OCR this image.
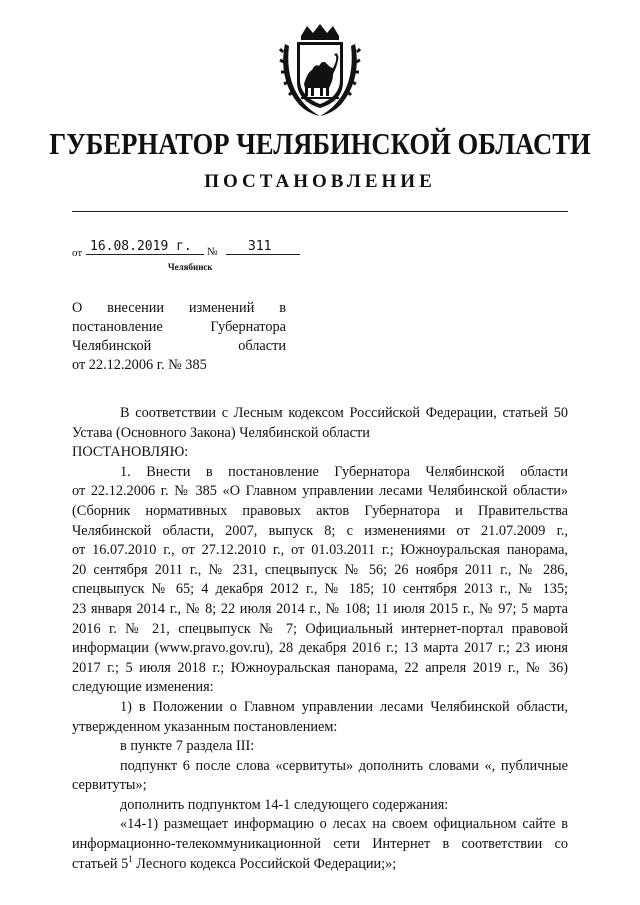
ГУБЕРНАТОР ЧЕЛЯБИНСКОЙ ОБЛАСТИ
ПОСТАНОВЛЕНИЕ
от 16.08.2019 г.	№	311
Челябинск
О внесении изменений в
постановление	Губернатора
Челябинской	области
от 22.12.2006 г. № 385

В соответствии с Лесным кодексом Российской Федерации, статьей 50

Устава (Основного Закона) Челябинской области

ПОСТАНОВЛЯЮ:

1. Внести в постановление Губернатора Челябинской области

от 22.12.2006 г. № 385 «О Главном управлении лесами Челябинской области»

(Сборник нормативных правовых актов Губернатора и Правительства

Челябинской области, 2007, выпуск 8; с изменениями от 21.07.2009 г.,

от 16.07.2010 г., от 27.12.2010 г., от 01.03.2011 г.; Южноуральская панорама,

20 сентября 2011 г., № 231, спецвыпуск № 56; 26 ноября 2011 г., № 286,

спецвыпуск № 65; 4 декабря 2012 г., № 185; 10 сентября 2013 г., № 135;

23 января 2014 г., № 8; 22 июля 2014 г., № 108; 11 июля 2015 г., № 97; 5 марта

2016 г. № 21, спецвыпуск № 7; Официальный интернет-портал правовой

информации (www.pravo.gov.ru), 28 декабря 2016 г.; 13 марта 2017 г.; 23 июня

2017 г.; 5 июля 2018 г.; Южноуральская панорама, 22 апреля 2019 г., № 36)

следующие изменения:

1) в Положении о Главном управлении лесами Челябинской области,

утвержденном указанным постановлением:

в пункте 7 раздела III:

подпункт 6 после слова «сервитуты» дополнить словами «, публичные

сервитуты»;

дополнить подпунктом 14-1 следующего содержания:

«14-1) размещает информацию о лесах на своем официальном сайте в

информационно-телекоммуникационной сети Интернет в соответствии со

статьей $5^1$ Лесного кодекса Российской Федерации;»;
